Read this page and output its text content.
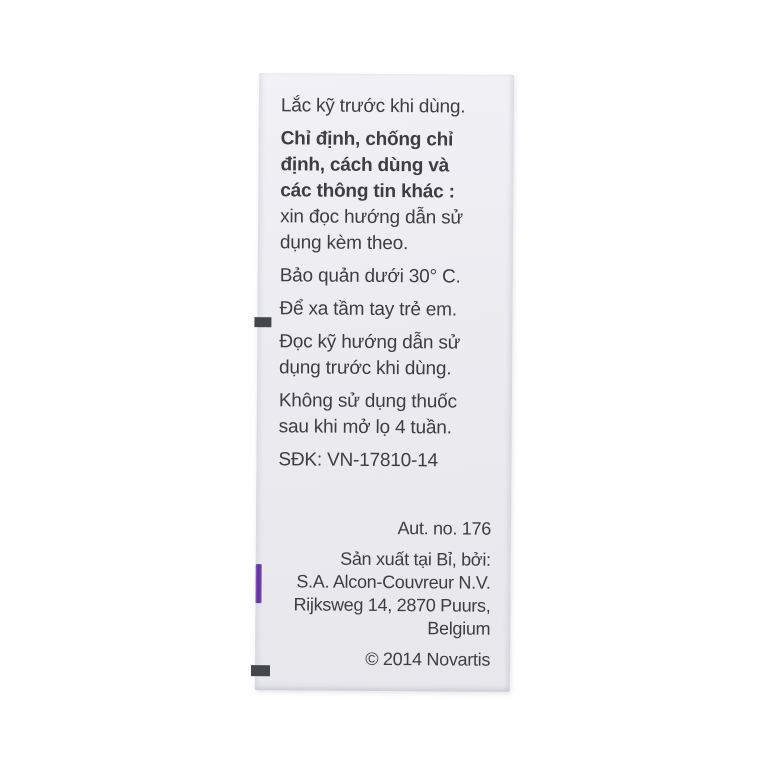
Lắc kỹ trước khi dùng.

Chỉ định, chống chỉ
định, cách dùng và
các thông tin khác :
xin đọc hướng dẫn sử
dụng kèm theo.

Bảo quản dưới 30° C.

Để xa tầm tay trẻ em.

Đọc kỹ hướng dẫn sử
dụng trước khi dùng.

Không sử dụng thuốc
sau khi mở lọ 4 tuần.

SĐK: VN-17810-14

Aut. no. 176

Sản xuất tại Bỉ, bởi:
S.A. Alcon-Couvreur N.V.
Rijksweg 14, 2870 Puurs,
Belgium

© 2014 Novartis
